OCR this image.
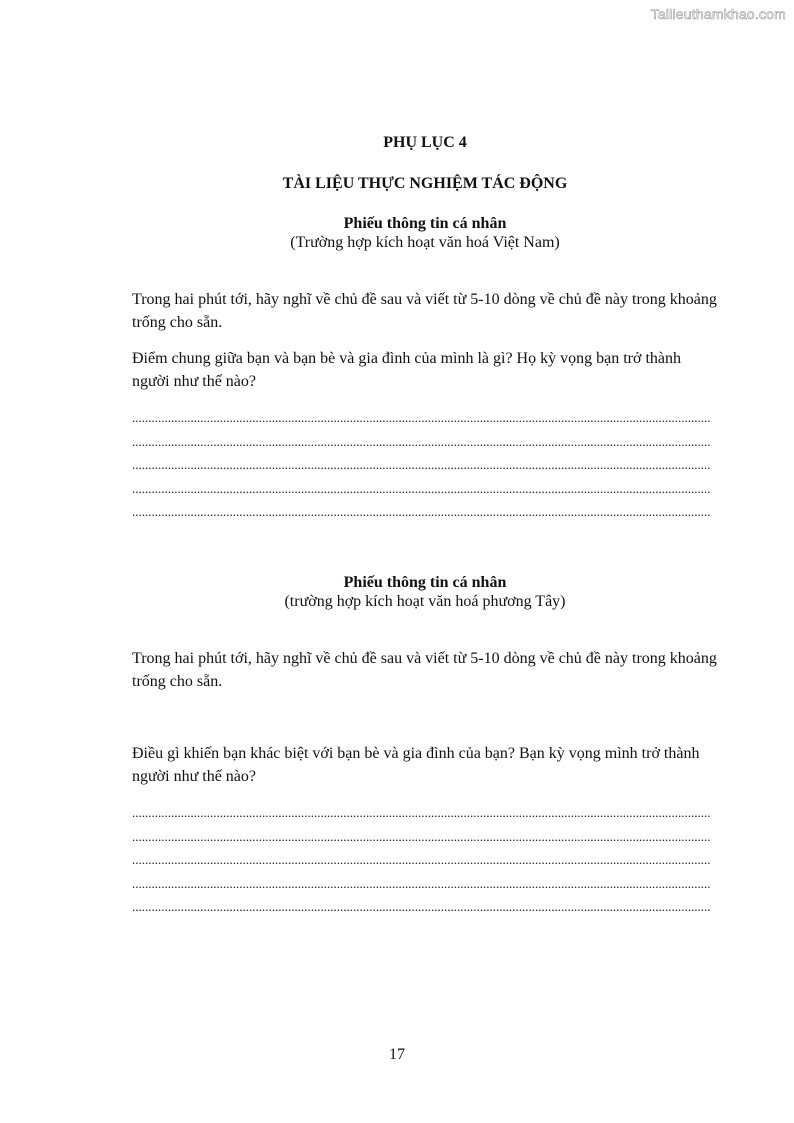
Tailieuthamkhao.com
PHỤ LỤC 4
TÀI LIỆU THỰC NGHIỆM TÁC ĐỘNG
Phiếu thông tin cá nhân
(Trường hợp kích hoạt văn hoá Việt Nam)

Trong hai phút tới, hãy nghĩ về chủ đề sau và viết từ 5-10 dòng về chủ đề này trong khoảng trống cho sẵn.

Điểm chung giữa bạn và bạn bè và gia đình của mình là gì? Họ kỳ vọng bạn trở thành người như thế nào?

..................................................................................................................................................................................
..................................................................................................................................................................................
..................................................................................................................................................................................
..................................................................................................................................................................................
..................................................................................................................................................................................
Phiếu thông tin cá nhân
(trường hợp kích hoạt văn hoá phương Tây)

Trong hai phút tới, hãy nghĩ về chủ đề sau và viết từ 5-10 dòng về chủ đề này trong khoảng trống cho sẵn.

Điều gì khiến bạn khác biệt với bạn bè và gia đình của bạn? Bạn kỳ vọng mình trở thành người như thế nào?

..................................................................................................................................................................................
..................................................................................................................................................................................
..................................................................................................................................................................................
..................................................................................................................................................................................
..................................................................................................................................................................................
17
